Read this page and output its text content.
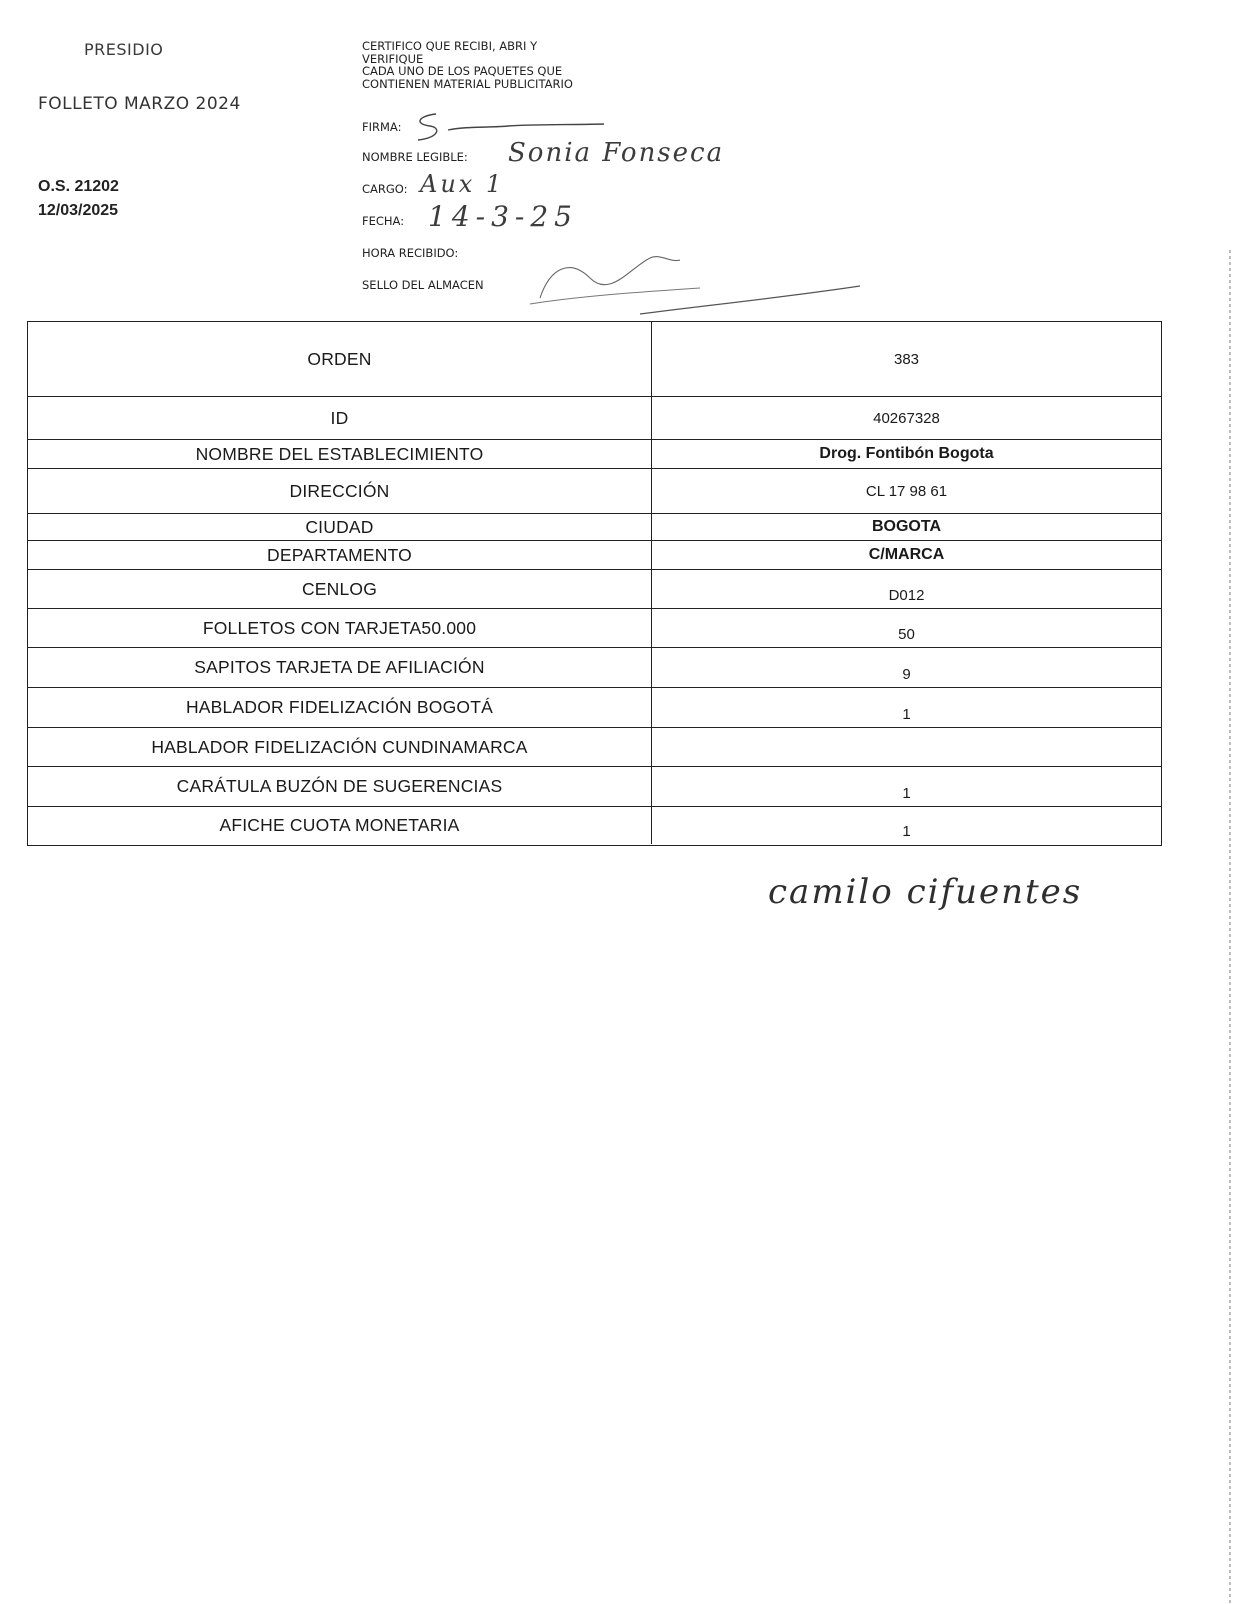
PRESIDIO
FOLLETO MARZO 2024
O.S. 21202
12/03/2025
CERTIFICO QUE RECIBI, ABRI Y
VERIFIQUE
CADA UNO DE LOS PAQUETES QUE
CONTIENEN MATERIAL PUBLICITARIO
FIRMA:
NOMBRE LEGIBLE: Sonia Fonseca
CARGO: Aux 1
FECHA: 14-3-25
HORA RECIBIDO:
SELLO DEL ALMACEN
ORDEN	383
ID	40267328
NOMBRE DEL ESTABLECIMIENTO	Drog. Fontibón Bogota
DIRECCIÓN	CL 17 98 61
CIUDAD	BOGOTA
DEPARTAMENTO	C/MARCA
CENLOG	D012
FOLLETOS CON TARJETA50.000	50
SAPITOS TARJETA DE AFILIACIÓN	9
HABLADOR FIDELIZACIÓN BOGOTÁ	1
HABLADOR FIDELIZACIÓN CUNDINAMARCA
CARÁTULA BUZÓN DE SUGERENCIAS	1
AFICHE CUOTA MONETARIA	1
camilo cifuentes
